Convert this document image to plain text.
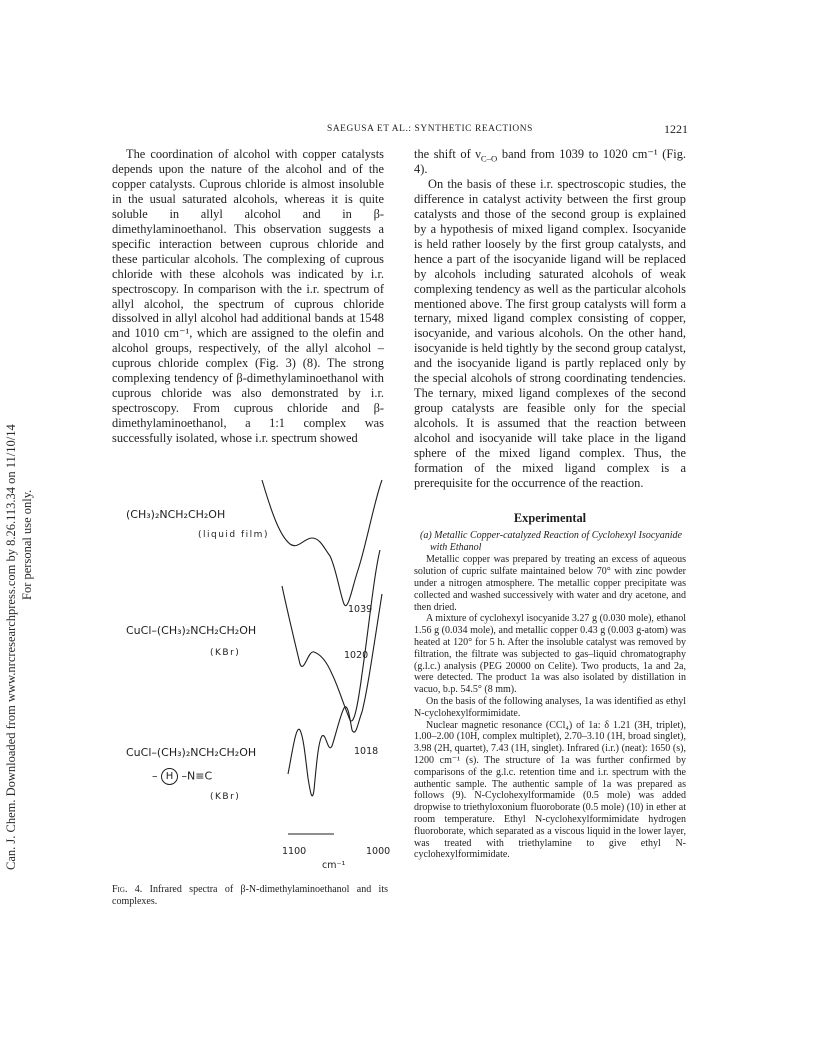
Can. J. Chem. Downloaded from www.nrcresearchpress.com by 8.26.113.34 on 11/10/14 For personal use only.
SAEGUSA ET AL.: SYNTHETIC REACTIONS	1221

The coordination of alcohol with copper catalysts depends upon the nature of the alcohol and of the copper catalysts. Cuprous chloride is almost insoluble in the usual saturated alcohols, whereas it is quite soluble in allyl alcohol and in β-dimethylaminoethanol. This observation suggests a specific interaction between cuprous chloride and these particular alcohols. The complexing of cuprous chloride with these alcohols was indicated by i.r. spectroscopy. In comparison with the i.r. spectrum of allyl alcohol, the spectrum of cuprous chloride dissolved in allyl alcohol had additional bands at 1548 and 1010 cm⁻¹, which are assigned to the olefin and alcohol groups, respectively, of the allyl alcohol – cuprous chloride complex (Fig. 3) (8). The strong complexing tendency of β-dimethylaminoethanol with cuprous chloride was also demonstrated by i.r. spectroscopy. From cuprous chloride and β-dimethylaminoethanol, a 1:1 complex was successfully isolated, whose i.r. spectrum showed

the shift of $\nu_{C-O}$ band from 1039 to 1020 cm⁻¹ (Fig. 4).

On the basis of these i.r. spectroscopic studies, the difference in catalyst activity between the first group catalysts and those of the second group is explained by a hypothesis of mixed ligand complex. Isocyanide is held rather loosely by the first group catalysts, and hence a part of the isocyanide ligand will be replaced by alcohols including saturated alcohols of weak complexing tendency as well as the particular alcohols mentioned above. The first group catalysts will form a ternary, mixed ligand complex consisting of copper, isocyanide, and various alcohols. On the other hand, isocyanide is held tightly by the second group catalyst, and the isocyanide ligand is partly replaced only by the special alcohols of strong coordinating tendencies. The ternary, mixed ligand complexes of the second group catalysts are feasible only for the special alcohols. It is assumed that the reaction between alcohol and isocyanide will take place in the ligand sphere of the mixed ligand complex. Thus, the formation of the mixed ligand complex is a prerequisite for the occurrence of the reaction.

Experimental
(a) Metallic Copper-catalyzed Reaction of Cyclohexyl Isocyanide with Ethanol

Metallic copper was prepared by treating an excess of aqueous solution of cupric sulfate maintained below 70° with zinc powder under a nitrogen atmosphere. The metallic copper precipitate was collected and washed successively with water and dry acetone, and then dried.

A mixture of cyclohexyl isocyanide 3.27 g (0.030 mole), ethanol 1.56 g (0.034 mole), and metallic copper 0.43 g (0.003 g-atom) was heated at 120° for 5 h. After the insoluble catalyst was removed by filtration, the filtrate was subjected to gas–liquid chromatography (g.l.c.) analysis (PEG 20000 on Celite). Two products, 1a and 2a, were detected. The product 1a was also isolated by distillation in vacuo, b.p. 54.5° (8 mm).

On the basis of the following analyses, 1a was identified as ethyl N-cyclohexylformimidate.

Nuclear magnetic resonance (CCl₄) of 1a: δ 1.21 (3H, triplet), 1.00–2.00 (10H, complex multiplet), 2.70–3.10 (1H, broad singlet), 3.98 (2H, quartet), 7.43 (1H, singlet). Infrared (i.r.) (neat): 1650 (s), 1200 cm⁻¹ (s). The structure of 1a was further confirmed by comparisons of the g.l.c. retention time and i.r. spectrum with the authentic sample. The authentic sample of 1a was prepared as follows (9). N-Cyclohexylformamide (0.5 mole) was added dropwise to triethyloxonium fluoroborate (0.5 mole) (10) in ether at room temperature. Ethyl N-cyclohexylformimidate hydrogen fluoroborate, which separated as a viscous liquid in the lower layer, was treated with triethylamine to give ethyl N-cyclohexylformimidate.

(CH₃)₂NCH₂CH₂OH
(liquid film)
CuCl–(CH₃)₂NCH₂CH₂OH
(KBr)
CuCl–(CH₃)₂NCH₂CH₂OH
– H –N≡C
(KBr)
1039
1020
1018
1100	1000
cm⁻¹
Fig. 4. Infrared spectra of β-N-dimethylaminoethanol and its complexes.
